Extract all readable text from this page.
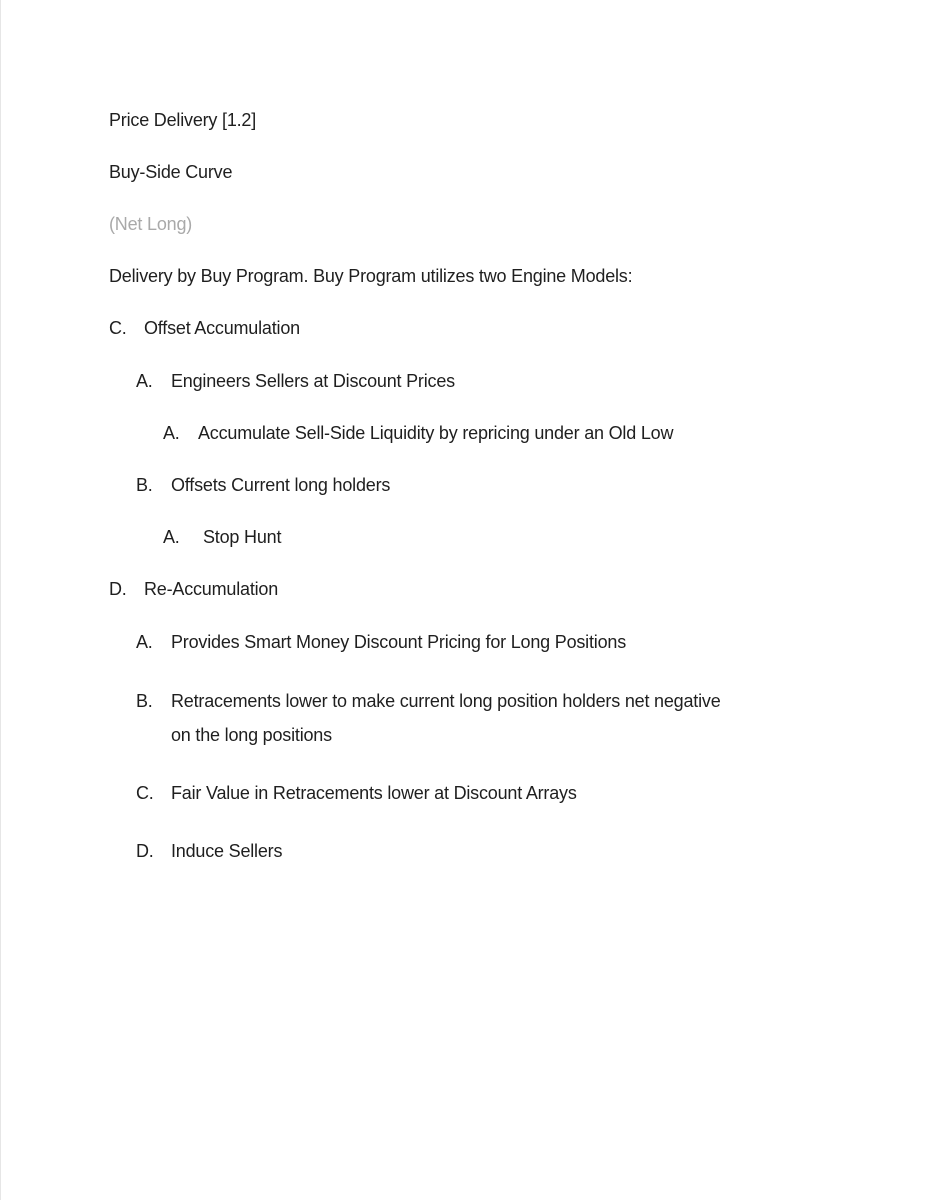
Price Delivery [1.2]
Buy-Side Curve
(Net Long)
Delivery by Buy Program. Buy Program utilizes two Engine Models:
C. Offset Accumulation
A. Engineers Sellers at Discount Prices
A. Accumulate Sell-Side Liquidity by repricing under an Old Low
B. Offsets Current long holders
A. Stop Hunt
D. Re-Accumulation
A. Provides Smart Money Discount Pricing for Long Positions
B. Retracements lower to make current long position holders net negative
on the long positions
C. Fair Value in Retracements lower at Discount Arrays
D. Induce Sellers
